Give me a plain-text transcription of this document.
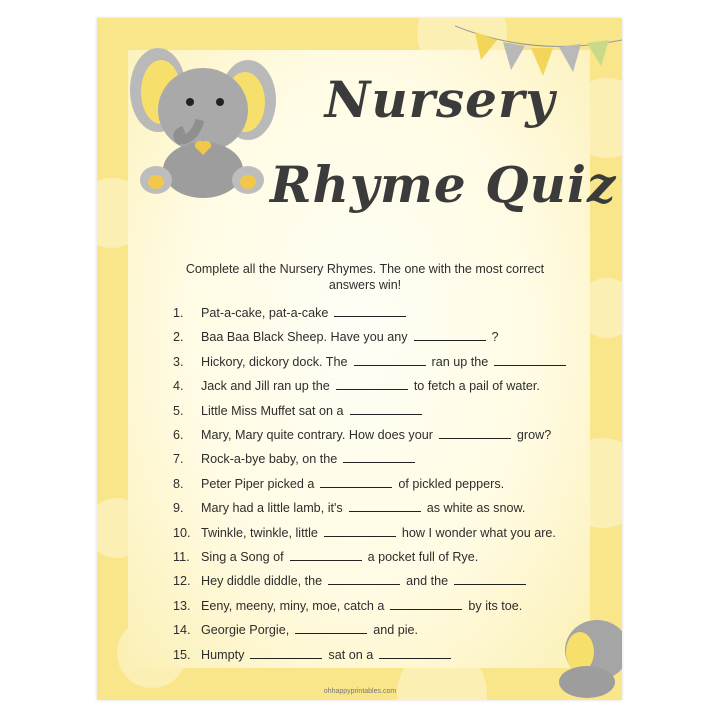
Nursery
Rhyme Quiz
Complete all the Nursery Rhymes. The one with the most correct answers win!
1. Pat-a-cake, pat-a-cake
2. Baa Baa Black Sheep. Have you any	?
3. Hickory, dickory dock. The	ran up the
4. Jack and Jill ran up the	to fetch a pail of water.
5. Little Miss Muffet sat on a
6. Mary, Mary quite contrary. How does your	grow?
7. Rock-a-bye baby, on the
8. Peter Piper picked a	of pickled peppers.
9. Mary had a little lamb, it's	as white as snow.
10. Twinkle, twinkle, little	how I wonder what you are.
11. Sing a Song of	a pocket full of Rye.
12. Hey diddle diddle, the	and the
13. Eeny, meeny, miny, moe, catch a	by its toe.
14. Georgie Porgie,	and pie.
15. Humpty	sat on a
ohhappyprintables.com
